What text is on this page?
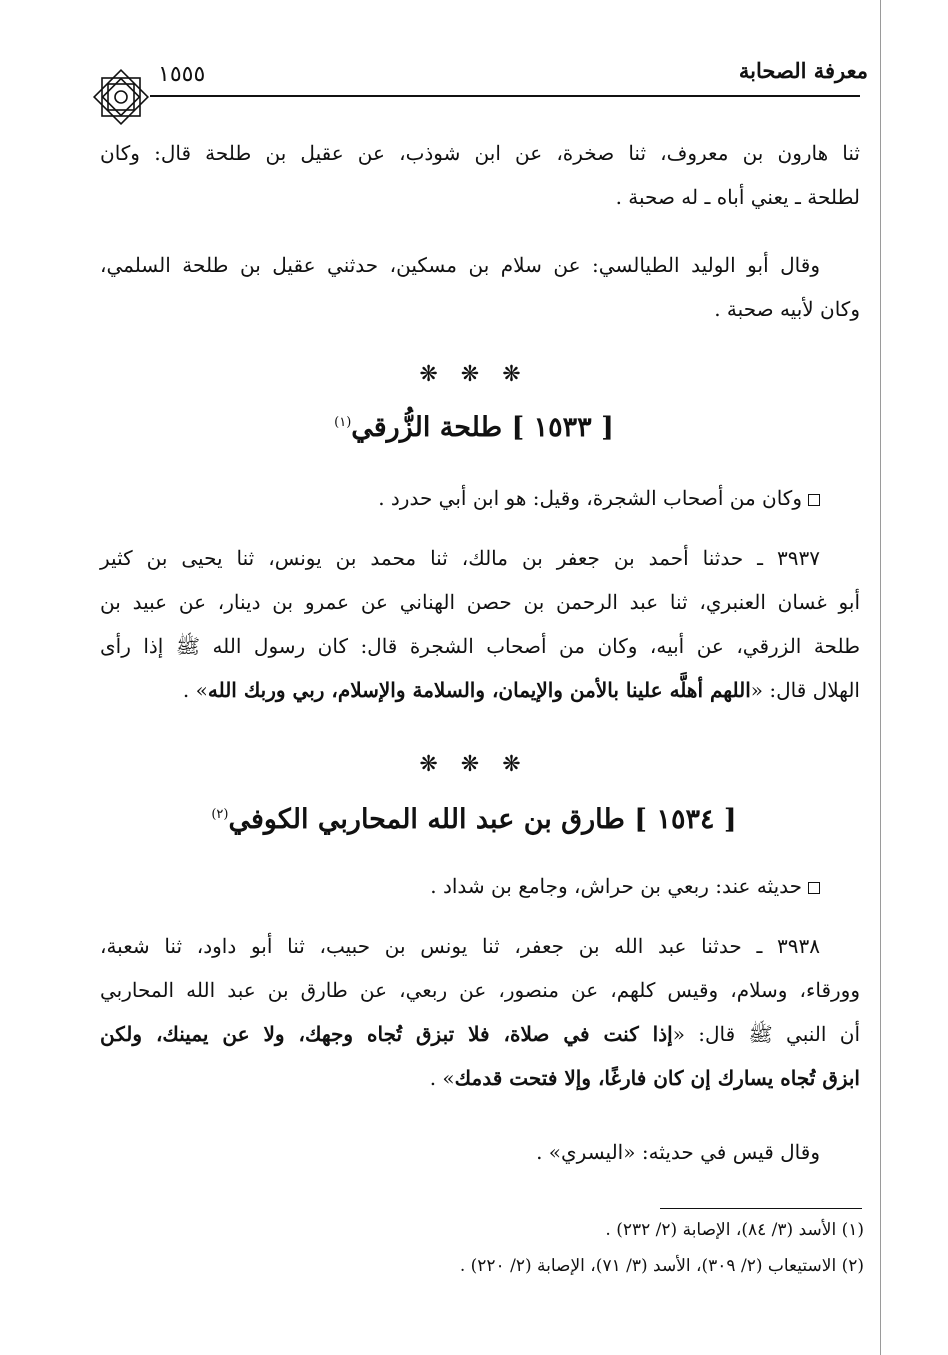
معرفة الصحابة
١٥٥٥
ثنا هارون بن معروف، ثنا صخرة، عن ابن شوذب، عن عقيل بن طلحة قال: وكان
لطلحة ـ يعني أباه ـ له صحبة .
وقال أبو الوليد الطيالسي: عن سلام بن مسكين، حدثني عقيل بن طلحة السلمي،
وكان لأبيه صحبة .
❋ ❋ ❋
[ ١٥٣٣ ] طلحة الزُّرقي$^{(١)}$
وكان من أصحاب الشجرة، وقيل: هو ابن أبي حدرد .
٣٩٣٧ ـ حدثنا أحمد بن جعفر بن مالك، ثنا محمد بن يونس، ثنا يحيى بن كثير
أبو غسان العنبري، ثنا عبد الرحمن بن حصن الهناني عن عمرو بن دينار، عن عبيد بن
طلحة الزرقي، عن أبيه، وكان من أصحاب الشجرة قال: كان رسول الله ﷺ إذا رأى
الهلال قال: «اللهم أهلَّه علينا بالأمن والإيمان، والسلامة والإسلام، ربي وربك الله» .
❋ ❋ ❋
[ ١٥٣٤ ] طارق بن عبد الله المحاربي الكوفي$^{(٢)}$
حديثه عند: ربعي بن حراش، وجامع بن شداد .
٣٩٣٨ ـ حدثنا عبد الله بن جعفر، ثنا يونس بن حبيب، ثنا أبو داود، ثنا شعبة،
وورقاء، وسلام، وقيس كلهم، عن منصور، عن ربعي، عن طارق بن عبد الله المحاربي
أن النبي ﷺ قال: «إذا كنت في صلاة، فلا تبزق تُجاه وجهك، ولا عن يمينك، ولكن
ابزق تُجاه يسارك إن كان فارغًا، وإلا فتحت قدمك» .
وقال قيس في حديثه: «اليسري» .
(١) الأسد (٣/ ٨٤)، الإصابة (٢/ ٢٣٢) .
(٢) الاستيعاب (٢/ ٣٠٩)، الأسد (٣/ ٧١)، الإصابة (٢/ ٢٢٠) .
